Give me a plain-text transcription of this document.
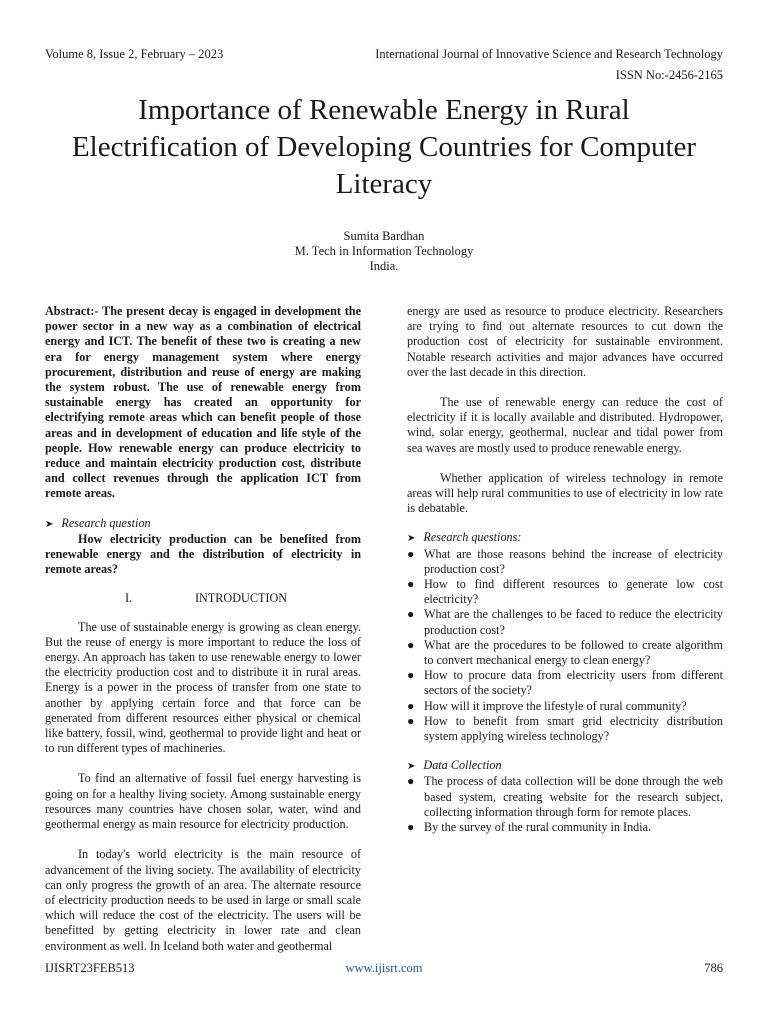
Volume 8, Issue 2, February – 2023	International Journal of Innovative Science and Research Technology
ISSN No:-2456-2165
Importance of Renewable Energy in Rural Electrification of Developing Countries for Computer Literacy
Sumita Bardhan
M. Tech in Information Technology
India.

Abstract:- The present decay is engaged in development the power sector in a new way as a combination of electrical energy and ICT. The benefit of these two is creating a new era for energy management system where energy procurement, distribution and reuse of energy are making the system robust. The use of renewable energy from sustainable energy has created an opportunity for electrifying remote areas which can benefit people of those areas and in development of education and life style of the people. How renewable energy can produce electricity to reduce and maintain electricity production cost, distribute and collect revenues through the application ICT from remote areas.

➤ Research question

How electricity production can be benefited from renewable energy and the distribution of electricity in remote areas?

I.	INTRODUCTION

The use of sustainable energy is growing as clean energy. But the reuse of energy is more important to reduce the loss of energy. An approach has taken to use renewable energy to lower the electricity production cost and to distribute it in rural areas. Energy is a power in the process of transfer from one state to another by applying certain force and that force can be generated from different resources either physical or chemical like battery, fossil, wind, geothermal to provide light and heat or to run different types of machineries.

To find an alternative of fossil fuel energy harvesting is going on for a healthy living society. Among sustainable energy resources many countries have chosen solar, water, wind and geothermal energy as main resource for electricity production.

In today's world electricity is the main resource of advancement of the living society. The availability of electricity can only progress the growth of an area. The alternate resource of electricity production needs to be used in large or small scale which will reduce the cost of the electricity. The users will be benefitted by getting electricity in lower rate and clean environment as well. In Iceland both water and geothermal

energy are used as resource to produce electricity. Researchers are trying to find out alternate resources to cut down the production cost of electricity for sustainable environment. Notable research activities and major advances have occurred over the last decade in this direction.

The use of renewable energy can reduce the cost of electricity if it is locally available and distributed. Hydropower, wind, solar energy, geothermal, nuclear and tidal power from sea waves are mostly used to produce renewable energy.

Whether application of wireless technology in remote areas will help rural communities to use of electricity in low rate is debatable.

➤ Research questions:
● What are those reasons behind the increase of electricity production cost?
● How to find different resources to generate low cost electricity?
● What are the challenges to be faced to reduce the electricity production cost?
● What are the procedures to be followed to create algorithm to convert mechanical energy to clean energy?
● How to procure data from electricity users from different sectors of the society?
● How will it improve the lifestyle of rural community?
● How to benefit from smart grid electricity distribution system applying wireless technology?
➤ Data Collection
● The process of data collection will be done through the web based system, creating website for the research subject, collecting information through form for remote places.
● By the survey of the rural community in India.
IJISRT23FEB513	www.ijisrt.com	786
